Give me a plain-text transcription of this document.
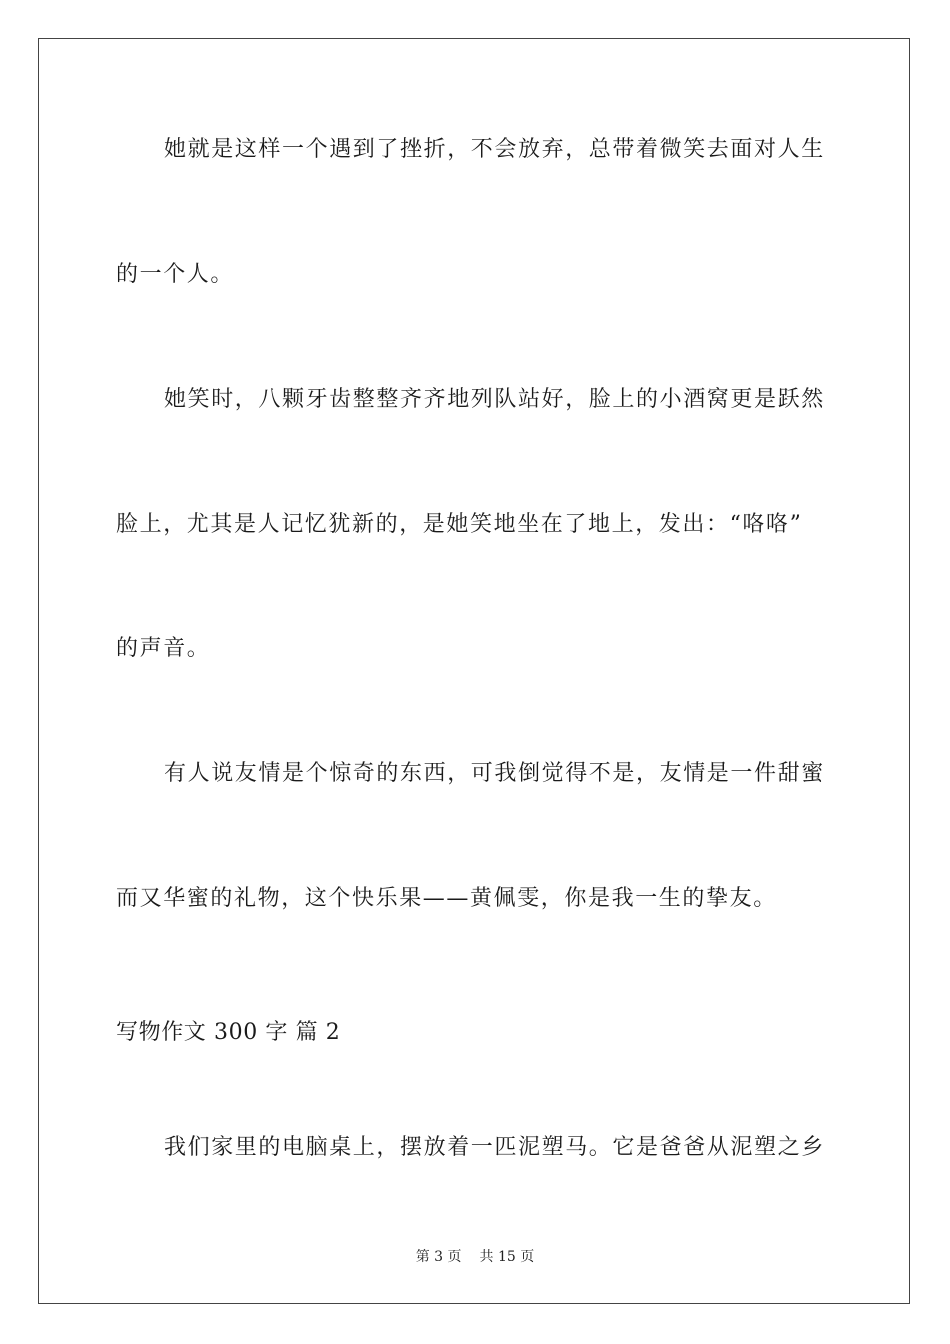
她就是这样一个遇到了挫折，不会放弃，总带着微笑去面对人生
的一个人。
她笑时，八颗牙齿整整齐齐地列队站好，脸上的小酒窝更是跃然
脸上，尤其是人记忆犹新的，是她笑地坐在了地上，发出：“咯咯”
的声音。
有人说友情是个惊奇的东西，可我倒觉得不是，友情是一件甜蜜
而又华蜜的礼物，这个快乐果——黄佩雯，你是我一生的挚友。
写物作文 300 字 篇 2
我们家里的电脑桌上，摆放着一匹泥塑马。它是爸爸从泥塑之乡
第 3 页 共 15 页
